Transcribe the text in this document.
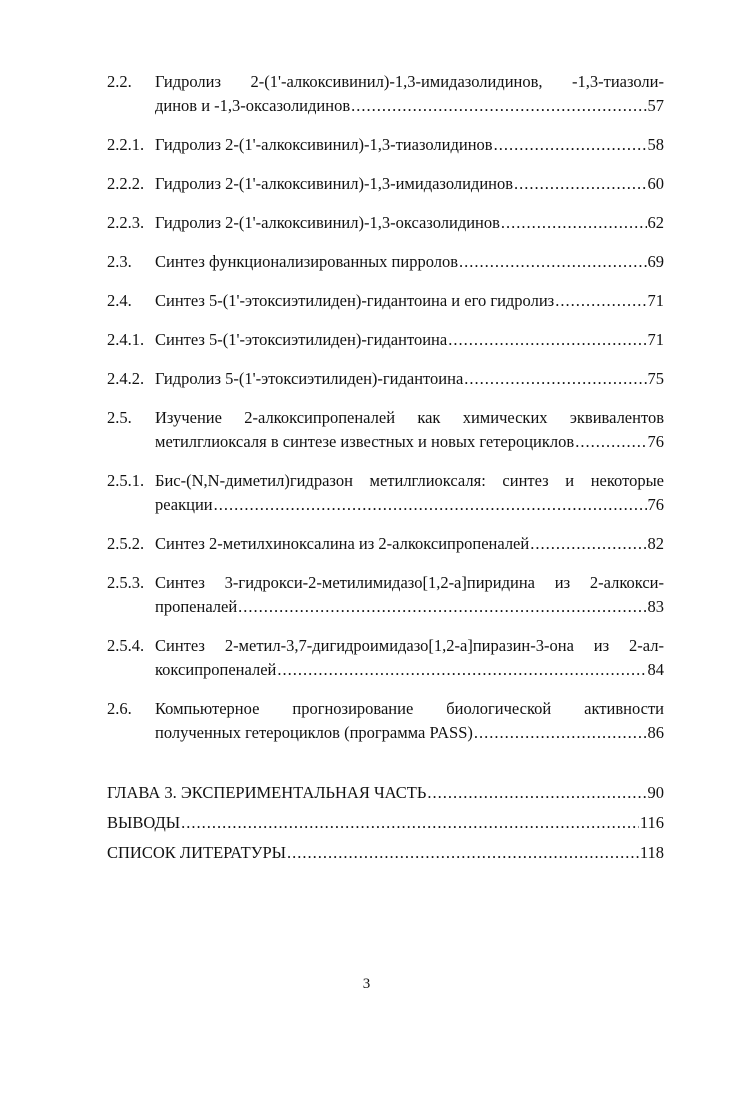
2.2. Гидролиз 2-(1'-алкоксивинил)-1,3-имидазолидинов, -1,3-тиазоли-
динов и -1,3-оксазолидинов .....	57
2.2.1. Гидролиз 2-(1'-алкоксивинил)-1,3-тиазолидинов .....	58
2.2.2. Гидролиз 2-(1'-алкоксивинил)-1,3-имидазолидинов .....	60
2.2.3. Гидролиз 2-(1'-алкоксивинил)-1,3-оксазолидинов .....	62
2.3. Синтез функционализированных пирролов .....	69
2.4. Синтез 5-(1'-этоксиэтилиден)-гидантоина и его гидролиз .....	71
2.4.1. Синтез 5-(1'-этоксиэтилиден)-гидантоина .....	71
2.4.2. Гидролиз 5-(1'-этоксиэтилиден)-гидантоина .....	75
2.5. Изучение 2-алкоксипропеналей как химических эквивалентов
метилглиоксаля в синтезе известных и новых гетероциклов .....	76
2.5.1. Бис-(N,N-диметил)гидразон метилглиоксаля: синтез и некоторые
реакции .....	76
2.5.2. Синтез 2-метилхиноксалина из 2-алкоксипропеналей .....	82
2.5.3. Синтез 3-гидрокси-2-метилимидазо[1,2-a]пиридина из 2-алкокси-
пропеналей .....	83
2.5.4. Синтез 2-метил-3,7-дигидроимидазо[1,2-a]пиразин-3-она из 2-ал-
коксипропеналей .....	84
2.6. Компьютерное прогнозирование биологической активности
полученных гетероциклов (программа PASS) .....	86
ГЛАВА 3. ЭКСПЕРИМЕНТАЛЬНАЯ ЧАСТЬ .....	90
ВЫВОДЫ .....	116
СПИСОК ЛИТЕРАТУРЫ .....	118
3
